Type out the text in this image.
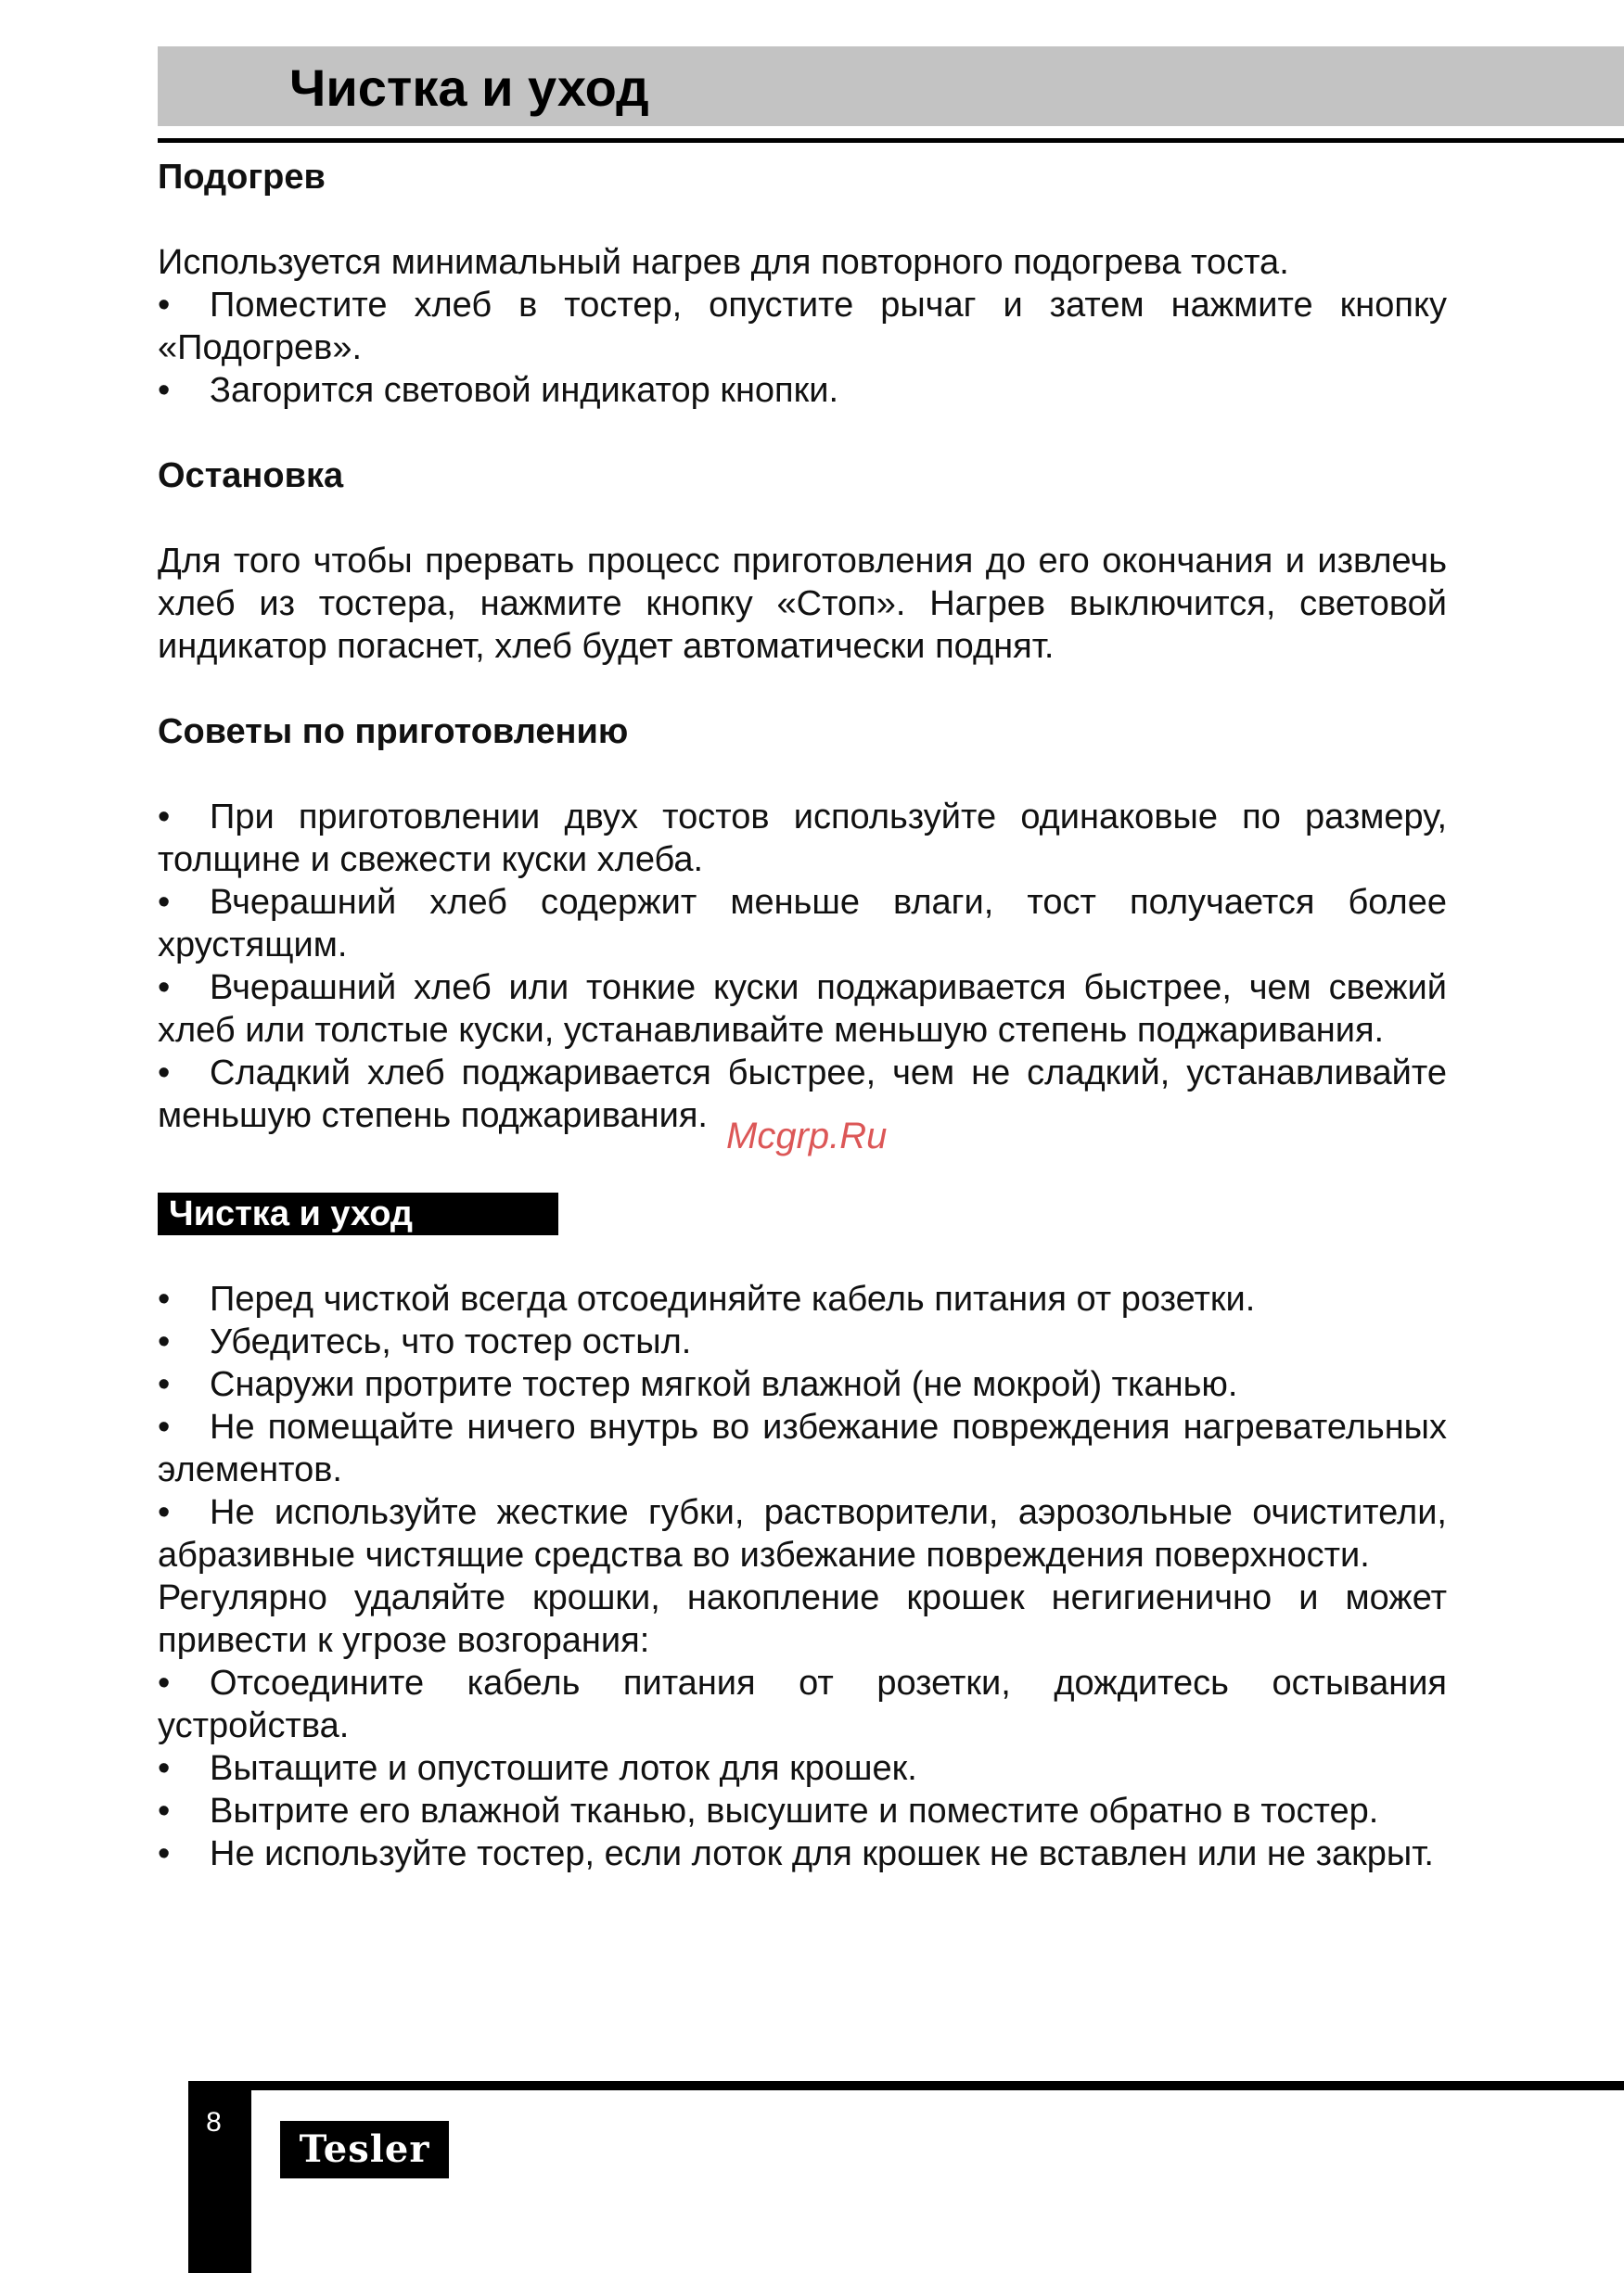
Чистка и уход

Подогрев

Используется минимальный нагрев для повторного подогрева тоста.

• Поместите хлеб в тостер, опустите рычаг и затем нажмите кнопку «Подогрев».

• Загорится световой индикатор кнопки.

Остановка

Для того чтобы прервать процесс приготовления до его окончания и извлечь хлеб из тостера, нажмите кнопку «Стоп». Нагрев выключится, световой индикатор погаснет, хлеб будет автоматически поднят.

Советы по приготовлению

• При приготовлении двух тостов используйте одинаковые по размеру, толщине и свежести куски хлеба.

• Вчерашний хлеб содержит меньше влаги, тост получается более хрустящим.

• Вчерашний хлеб или тонкие куски поджаривается быстрее, чем свежий хлеб или толстые куски, устанавливайте меньшую степень поджаривания.

• Сладкий хлеб поджаривается быстрее, чем не сладкий, устанавливайте меньшую степень поджаривания.

Чистка и уход

• Перед чисткой всегда отсоединяйте кабель питания от розетки.

• Убедитесь, что тостер остыл.

• Снаружи протрите тостер мягкой влажной (не мокрой) тканью.

• Не помещайте ничего внутрь во избежание повреждения нагревательных элементов.

• Не используйте жесткие губки, растворители, аэрозольные очистители, абразивные чистящие средства во избежание повреждения поверхности.

Регулярно удаляйте крошки, накопление крошек негигиенично и может привести к угрозе возгорания:

• Отсоедините кабель питания от розетки, дождитесь остывания устройства.

• Вытащите и опустошите лоток для крошек.

• Вытрите его влажной тканью, высушите и поместите обратно в тостер.

• Не используйте тостер, если лоток для крошек не вставлен или не закрыт.

Mcgrp.Ru
8
Tesler
